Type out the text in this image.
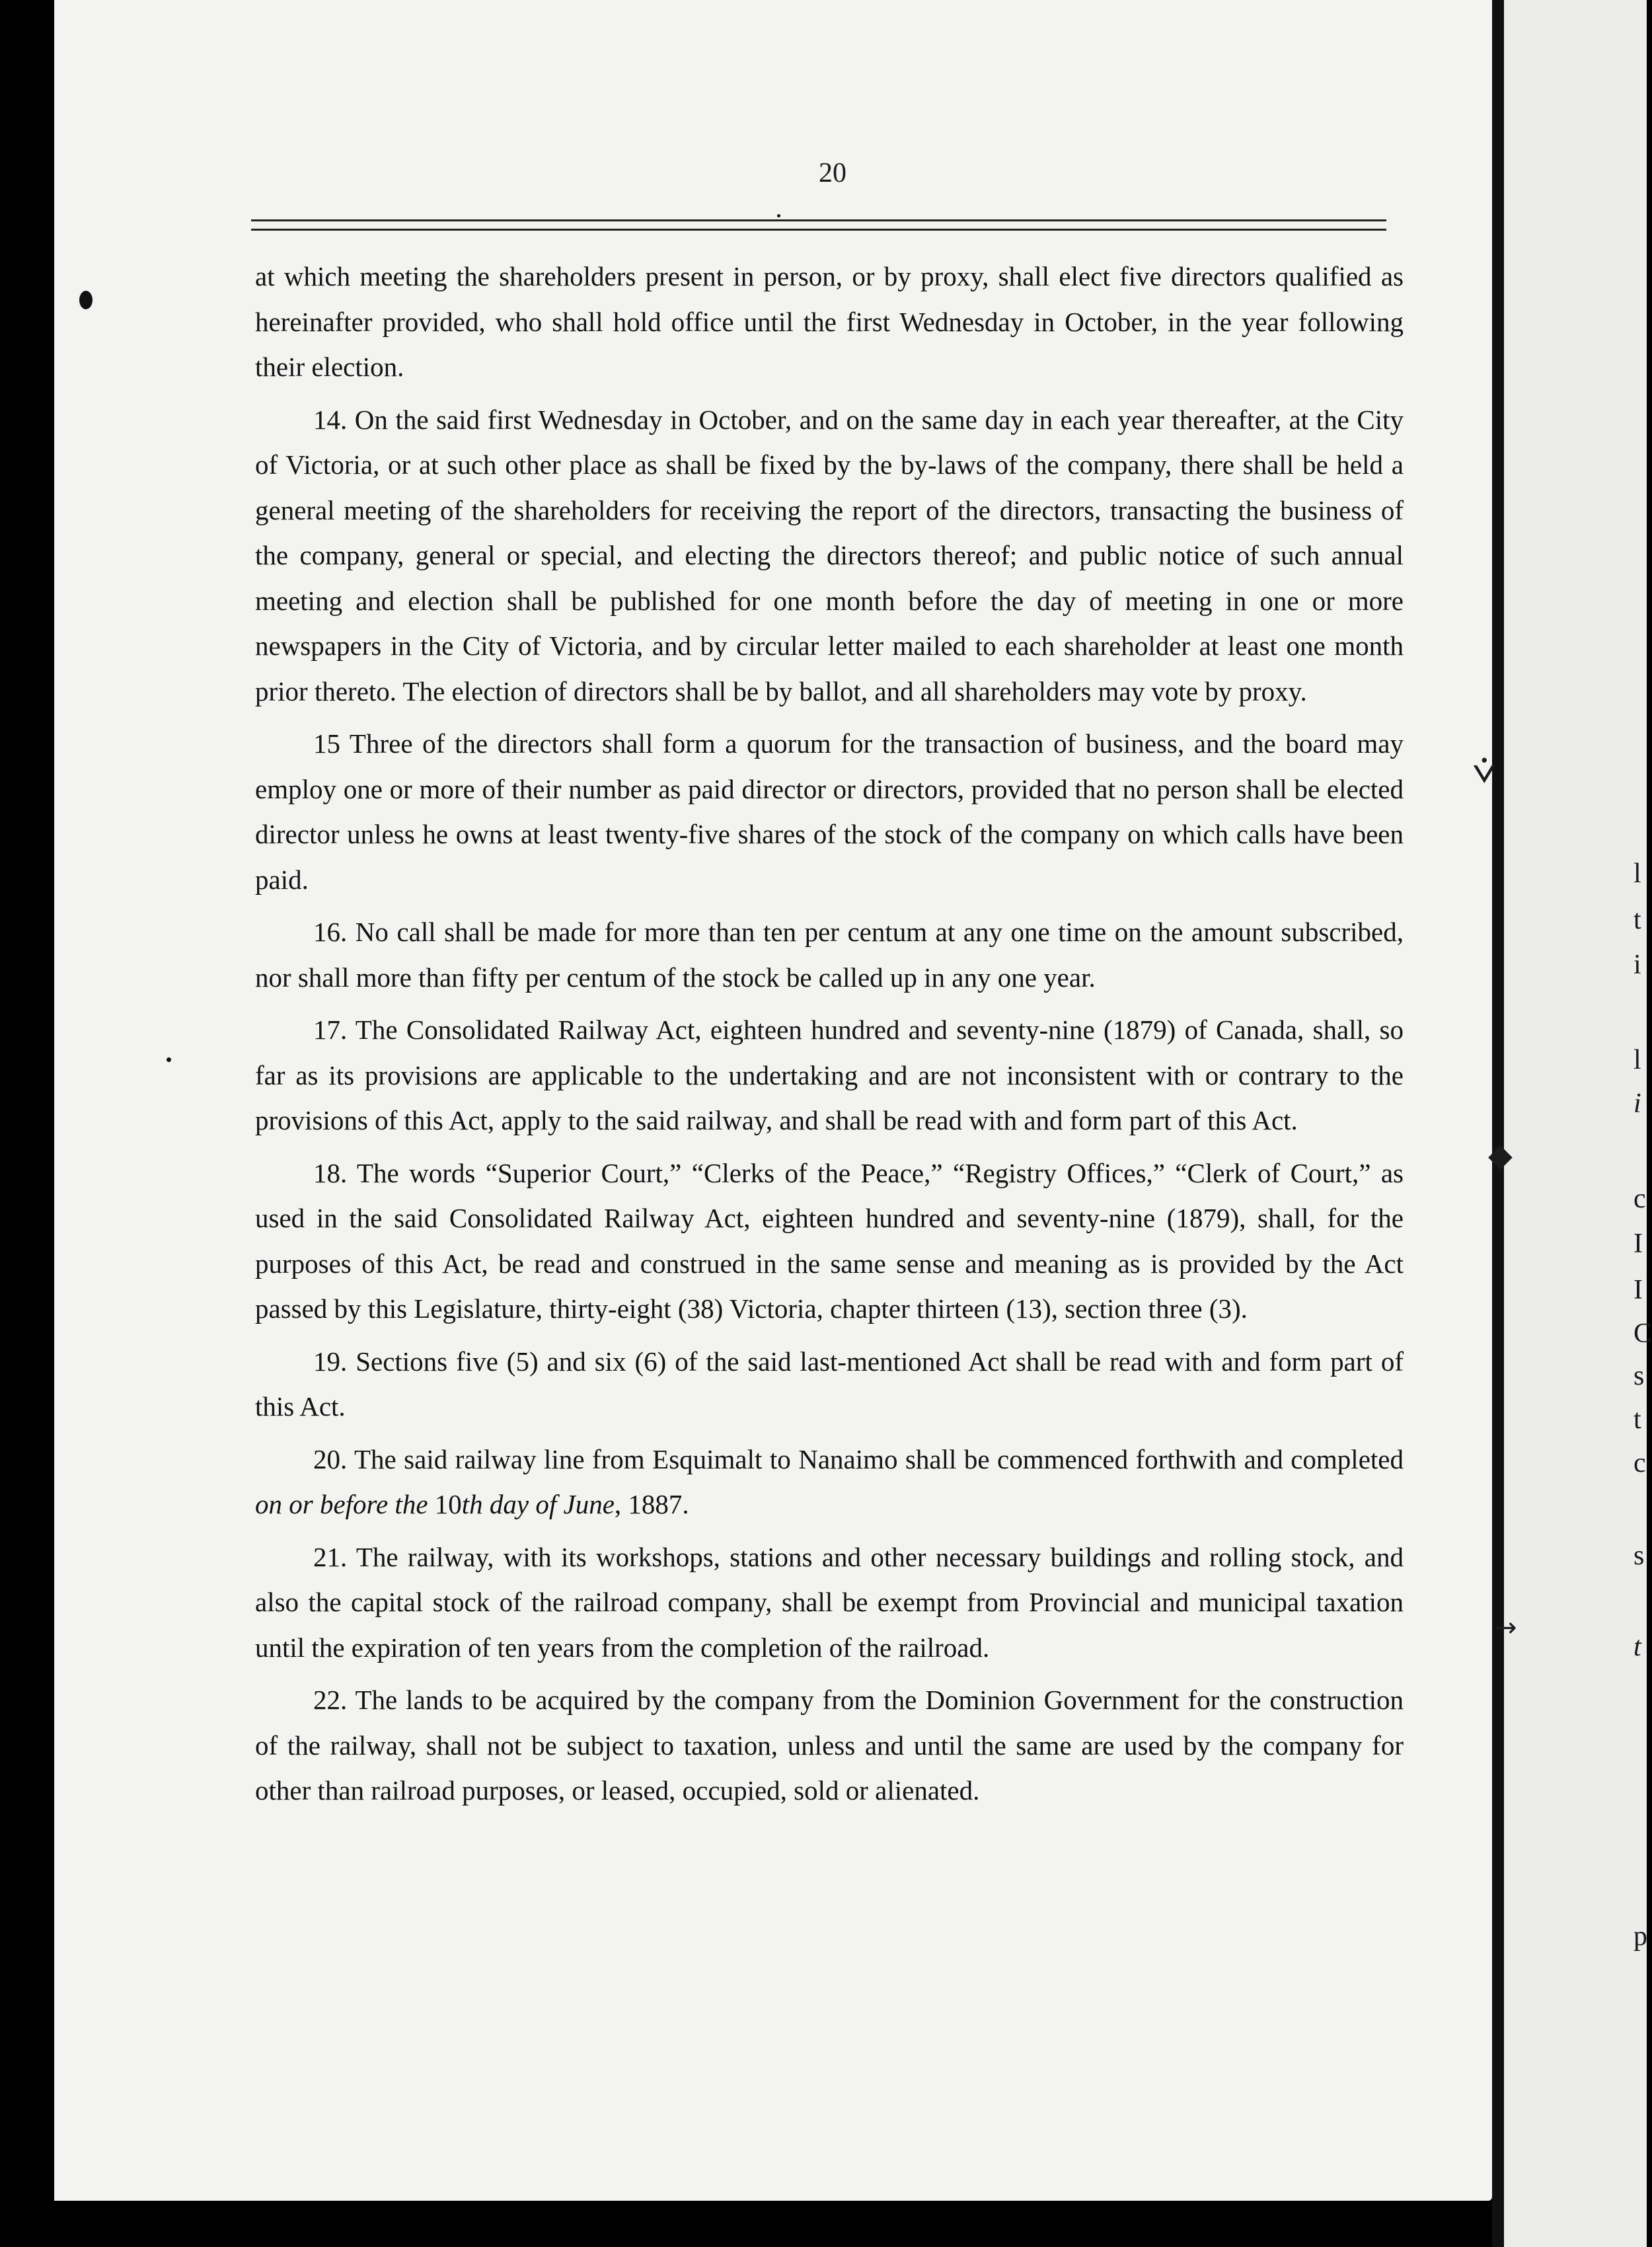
20

at which meeting the shareholders present in person, or by proxy, shall elect five directors qualified as hereinafter provided, who shall hold office until the first Wednesday in October, in the year following their election.

14. On the said first Wednesday in October, and on the same day in each year thereafter, at the City of Victoria, or at such other place as shall be fixed by the by-laws of the company, there shall be held a general meeting of the shareholders for receiving the report of the directors, transacting the business of the company, general or special, and electing the directors thereof; and public notice of such annual meeting and election shall be published for one month before the day of meeting in one or more newspapers in the City of Victoria, and by circular letter mailed to each shareholder at least one month prior thereto. The election of directors shall be by ballot, and all shareholders may vote by proxy.

15 Three of the directors shall form a quorum for the transaction of business, and the board may employ one or more of their number as paid director or directors, provided that no person shall be elected director unless he owns at least twenty-five shares of the stock of the company on which calls have been paid.

16. No call shall be made for more than ten per centum at any one time on the amount subscribed, nor shall more than fifty per centum of the stock be called up in any one year.

17. The Consolidated Railway Act, eighteen hundred and seventy-nine (1879) of Canada, shall, so far as its provisions are applicable to the undertaking and are not inconsistent with or contrary to the provisions of this Act, apply to the said railway, and shall be read with and form part of this Act.

18. The words “Superior Court,” “Clerks of the Peace,” “Registry Offices,” “Clerk of Court,” as used in the said Consolidated Railway Act, eighteen hundred and seventy-nine (1879), shall, for the purposes of this Act, be read and construed in the same sense and meaning as is provided by the Act passed by this Legislature, thirty-eight (38) Victoria, chapter thirteen (13), section three (3).

19. Sections five (5) and six (6) of the said last-mentioned Act shall be read with and form part of this Act.

20. The said railway line from Esquimalt to Nanaimo shall be commenced forthwith and completed on or before the 10th day of June, 1887.

21. The railway, with its workshops, stations and other necessary buildings and rolling stock, and also the capital stock of the railroad company, shall be exempt from Provincial and municipal taxation until the expiration of ten years from the completion of the railroad.

22. The lands to be acquired by the company from the Dominion Government for the construction of the railway, shall not be subject to taxation, unless and until the same are used by the company for other than railroad purposes, or leased, occupied, sold or alienated.

⩒
◆
→
l
t
i
l
i
c
I
I
C
s
t
c
s
t
p
